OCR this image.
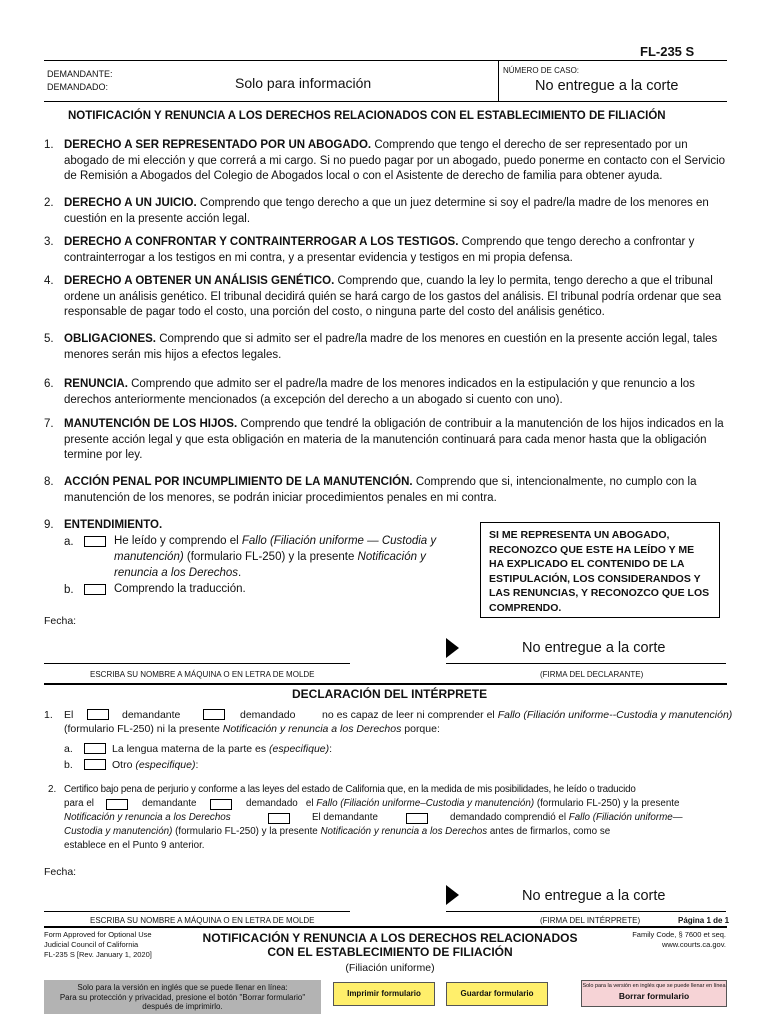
FL-235 S
DEMANDANTE:
DEMANDADO:	Solo para información
NÚMERO DE CASO:
No entregue a la corte
NOTIFICACIÓN Y RENUNCIA A LOS DERECHOS RELACIONADOS CON EL ESTABLECIMIENTO DE FILIACIÓN
1. DERECHO A SER REPRESENTADO POR UN ABOGADO. Comprendo que tengo el derecho de ser representado por un abogado de mi elección y que correrá a mi cargo. Si no puedo pagar por un abogado, puedo ponerme en contacto con el Servicio de Remisión a Abogados del Colegio de Abogados local o con el Asistente de derecho de familia para obtener ayuda.
2. DERECHO A UN JUICIO. Comprendo que tengo derecho a que un juez determine si soy el padre/la madre de los menores en cuestión en la presente acción legal.
3. DERECHO A CONFRONTAR Y CONTRAINTERROGAR A LOS TESTIGOS. Comprendo que tengo derecho a confrontar y contrainterrogar a los testigos en mi contra, y a presentar evidencia y testigos en mi propia defensa.
4. DERECHO A OBTENER UN ANÁLISIS GENÉTICO. Comprendo que, cuando la ley lo permita, tengo derecho a que el tribunal ordene un análisis genético. El tribunal decidirá quién se hará cargo de los gastos del análisis. El tribunal podría ordenar que sea responsable de pagar todo el costo, una porción del costo, o ninguna parte del costo del análisis genético.
5. OBLIGACIONES. Comprendo que si admito ser el padre/la madre de los menores en cuestión en la presente acción legal, tales menores serán mis hijos a efectos legales.
6. RENUNCIA. Comprendo que admito ser el padre/la madre de los menores indicados en la estipulación y que renuncio a los derechos anteriormente mencionados (a excepción del derecho a un abogado si cuento con uno).
7. MANUTENCIÓN DE LOS HIJOS. Comprendo que tendré la obligación de contribuir a la manutención de los hijos indicados en la presente acción legal y que esta obligación en materia de la manutención continuará para cada menor hasta que la obligación termine por ley.
8. ACCIÓN PENAL POR INCUMPLIMIENTO DE LA MANUTENCIÓN. Comprendo que si, intencionalmente, no cumplo con la manutención de los menores, se podrán iniciar procedimientos penales en mi contra.
9. ENTENDIMIENTO.
a.	He leído y comprendo el Fallo (Filiación uniforme — Custodia y manutención) (formulario FL-250) y la presente Notificación y renuncia a los Derechos.
b.	Comprendo la traducción.
SI ME REPRESENTA UN ABOGADO, RECONOZCO QUE ESTE HA LEÍDO Y ME HA EXPLICADO EL CONTENIDO DE LA ESTIPULACIÓN, LOS CONSIDERANDOS Y LAS RENUNCIAS, Y RECONOZCO QUE LOS COMPRENDO.
Fecha:
No entregue a la corte
ESCRIBA SU NOMBRE A MÁQUINA O EN LETRA DE MOLDE	(FIRMA DEL DECLARANTE)
DECLARACIÓN DEL INTÉRPRETE
1. El	demandante	demandado	no es capaz de leer ni comprender el Fallo (Filiación uniforme--Custodia y manutención)
(formulario FL-250) ni la presente Notificación y renuncia a los Derechos porque:
a.	La lengua materna de la parte es (especifique):
b.	Otro (especifique):
2. Certifico bajo pena de perjurio y conforme a las leyes del estado de California que, en la medida de mis posibilidades, he leído o traducido
para el	demandante	demandado el Fallo (Filiación uniforme–Custodia y manutención) (formulario FL-250) y la presente
Notificación y renuncia a los Derechos	El demandante	demandado comprendió el Fallo (Filiación uniforme—
Custodia y manutención) (formulario FL-250) y la presente Notificación y renuncia a los Derechos antes de firmarlos, como se
establece en el Punto 9 anterior.
Fecha:
No entregue a la corte
ESCRIBA SU NOMBRE A MÁQUINA O EN LETRA DE MOLDE	(FIRMA DEL INTÉRPRETE)	Página 1 de 1
Form Approved for Optional Use
Judicial Council of California
FL-235 S [Rev. January 1, 2020]
NOTIFICACIÓN Y RENUNCIA A LOS DERECHOS RELACIONADOS
CON EL ESTABLECIMIENTO DE FILIACIÓN
(Filiación uniforme)
Family Code, § 7600 et seq.
www.courts.ca.gov.
Solo para la versión en inglés que se puede llenar en línea:
Para su protección y privacidad, presione el botón "Borrar formulario"
después de imprimirlo.
Imprimir formulario	Guardar formulario
Solo para la versión en inglés que se puede llenar en línea
Borrar formulario
